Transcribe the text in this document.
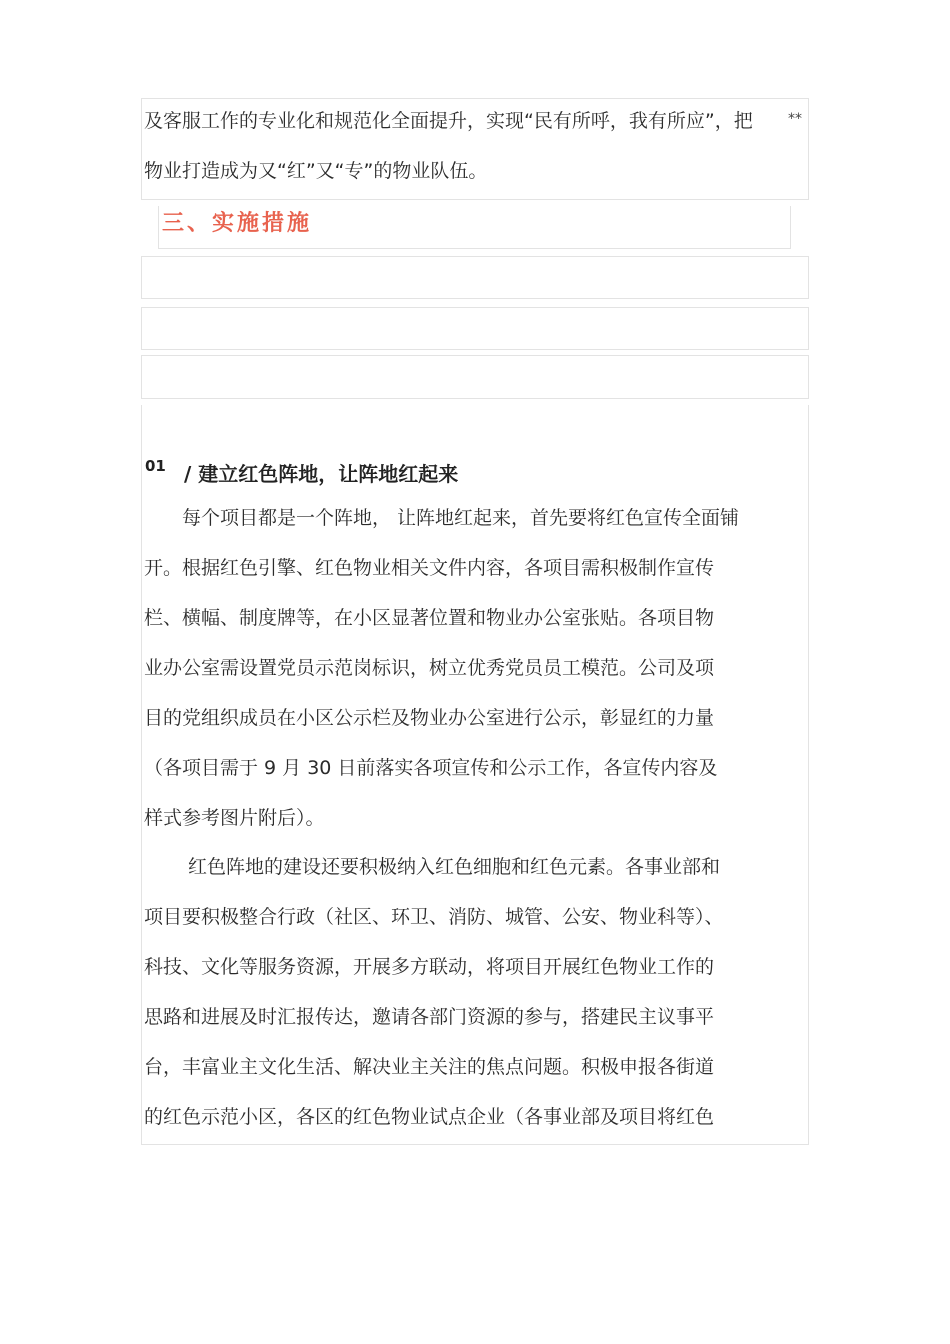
及客服工作的专业化和规范化全面提升，实现“民有所呼，我有所应”，把	**
物业打造成为又“红”又“专”的物业队伍。
三、实施措施
01 / 建立红色阵地，让阵地红起来
　每个项目都是一个阵地， 让阵地红起来，首先要将红色宣传全面铺
开。根据红色引擎、红色物业相关文件内容，各项目需积极制作宣传
栏、横幅、制度牌等，在小区显著位置和物业办公室张贴。各项目物
业办公室需设置党员示范岗标识，树立优秀党员员工模范。公司及项
目的党组织成员在小区公示栏及物业办公室进行公示，彰显红的力量
（各项目需于 9 月 30 日前落实各项宣传和公示工作，各宣传内容及
样式参考图片附后）。
　 红色阵地的建设还要积极纳入红色细胞和红色元素。各事业部和
项目要积极整合行政（社区、环卫、消防、城管、公安、物业科等）、
科技、文化等服务资源，开展多方联动，将项目开展红色物业工作的
思路和进展及时汇报传达，邀请各部门资源的参与，搭建民主议事平
台，丰富业主文化生活、解决业主关注的焦点问题。积极申报各街道
的红色示范小区，各区的红色物业试点企业（各事业部及项目将红色
